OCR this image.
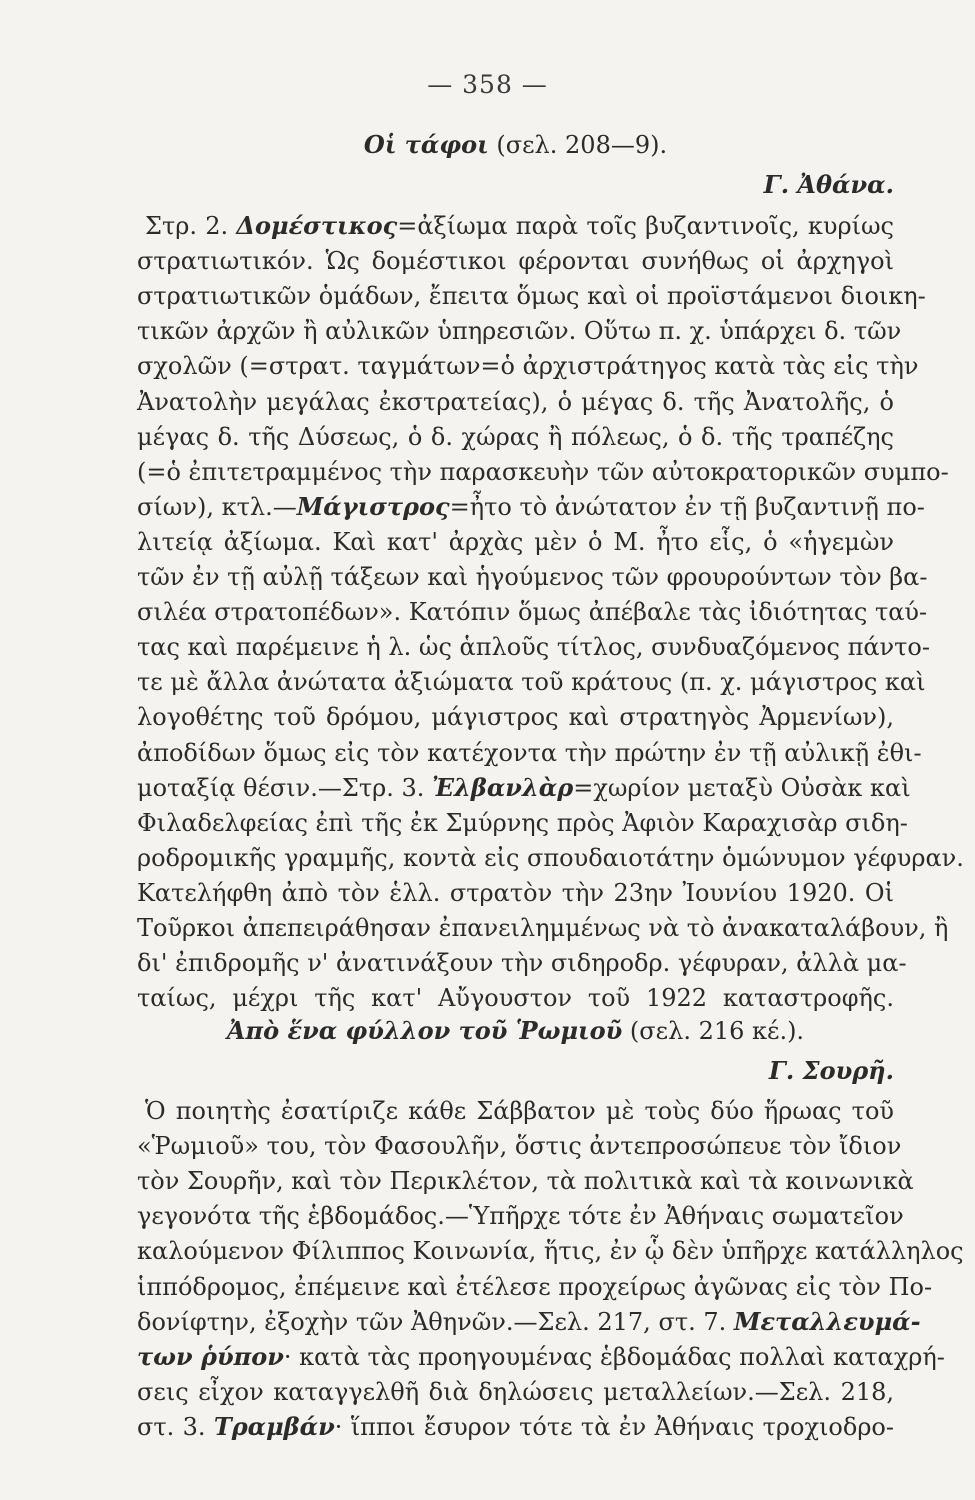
— 358 —
Οἱ τάφοι (σελ. 208—9).
Γ. Ἀθάνα.
Στρ. 2. Δομέστικος=ἀξίωμα παρὰ τοῖς βυζαντινοῖς, κυρίως
στρατιωτικόν. Ὡς δομέστικοι φέρονται συνήθως οἱ ἀρχηγοὶ
στρατιωτικῶν ὁμάδων, ἔπειτα ὅμως καὶ οἱ προϊστάμενοι διοικη-
τικῶν ἀρχῶν ἢ αὐλικῶν ὑπηρεσιῶν. Οὕτω π. χ. ὑπάρχει δ. τῶν
σχολῶν (=στρατ. ταγμάτων=ὁ ἀρχιστράτηγος κατὰ τὰς εἰς τὴν
Ἀνατολὴν μεγάλας ἐκστρατείας), ὁ μέγας δ. τῆς Ἀνατολῆς, ὁ
μέγας δ. τῆς Δύσεως, ὁ δ. χώρας ἢ πόλεως, ὁ δ. τῆς τραπέζης
(=ὁ ἐπιτετραμμένος τὴν παρασκευὴν τῶν αὐτοκρατορικῶν συμπο-
σίων), κτλ.—Μάγιστρος=ἦτο τὸ ἀνώτατον ἐν τῇ βυζαντινῇ πο-
λιτείᾳ ἀξίωμα. Καὶ κατ' ἀρχὰς μὲν ὁ Μ. ἦτο εἷς, ὁ «ἡγεμὼν
τῶν ἐν τῇ αὐλῇ τάξεων καὶ ἡγούμενος τῶν φρουρούντων τὸν βα-
σιλέα στρατοπέδων». Κατόπιν ὅμως ἀπέβαλε τὰς ἰδιότητας ταύ-
τας καὶ παρέμεινε ἡ λ. ὡς ἁπλοῦς τίτλος, συνδυαζόμενος πάντο-
τε μὲ ἄλλα ἀνώτατα ἀξιώματα τοῦ κράτους (π. χ. μάγιστρος καὶ
λογοθέτης τοῦ δρόμου, μάγιστρος καὶ στρατηγὸς Ἀρμενίων),
ἀποδίδων ὅμως εἰς τὸν κατέχοντα τὴν πρώτην ἐν τῇ αὐλικῇ ἐθι-
μοταξίᾳ θέσιν.—Στρ. 3. Ἐλβανλὰρ=χωρίον μεταξὺ Οὐσὰκ καὶ
Φιλαδελφείας ἐπὶ τῆς ἐκ Σμύρνης πρὸς Ἀφιὸν Καραχισὰρ σιδη-
ροδρομικῆς γραμμῆς, κοντὰ εἰς σπουδαιοτάτην ὁμώνυμον γέφυραν.
Κατελήφθη ἀπὸ τὸν ἑλλ. στρατὸν τὴν 23ην Ἰουνίου 1920. Οἱ
Τοῦρκοι ἀπεπειράθησαν ἐπανειλημμένως νὰ τὸ ἀνακαταλάβουν, ἢ
δι' ἐπιδρομῆς ν' ἀνατινάξουν τὴν σιδηροδρ. γέφυραν, ἀλλὰ μα-
ταίως, μέχρι τῆς κατ' Αὔγουστον τοῦ 1922 καταστροφῆς.
Ἀπὸ ἕνα φύλλον τοῦ Ῥωμιοῦ (σελ. 216 κέ.).
Γ. Σουρῆ.
Ὁ ποιητὴς ἐσατίριζε κάθε Σάββατον μὲ τοὺς δύο ἥρωας τοῦ
«Ῥωμιοῦ» του, τὸν Φασουλῆν, ὅστις ἀντεπροσώπευε τὸν ἴδιον
τὸν Σουρῆν, καὶ τὸν Περικλέτον, τὰ πολιτικὰ καὶ τὰ κοινωνικὰ
γεγονότα τῆς ἑβδομάδος.—Ὑπῆρχε τότε ἐν Ἀθήναις σωματεῖον
καλούμενον Φίλιππος Κοινωνία, ἥτις, ἐν ᾧ δὲν ὑπῆρχε κατάλληλος
ἱππόδρομος, ἐπέμεινε καὶ ἐτέλεσε προχείρως ἀγῶνας εἰς τὸν Πο-
δονίφτην, ἐξοχὴν τῶν Ἀθηνῶν.—Σελ. 217, στ. 7. Μεταλλευμά-
των ῥύπον· κατὰ τὰς προηγουμένας ἑβδομάδας πολλαὶ καταχρή-
σεις εἶχον καταγγελθῆ διὰ δηλώσεις μεταλλείων.—Σελ. 218,
στ. 3. Τραμβάν· ἵπποι ἔσυρον τότε τὰ ἐν Ἀθήναις τροχιοδρο-
